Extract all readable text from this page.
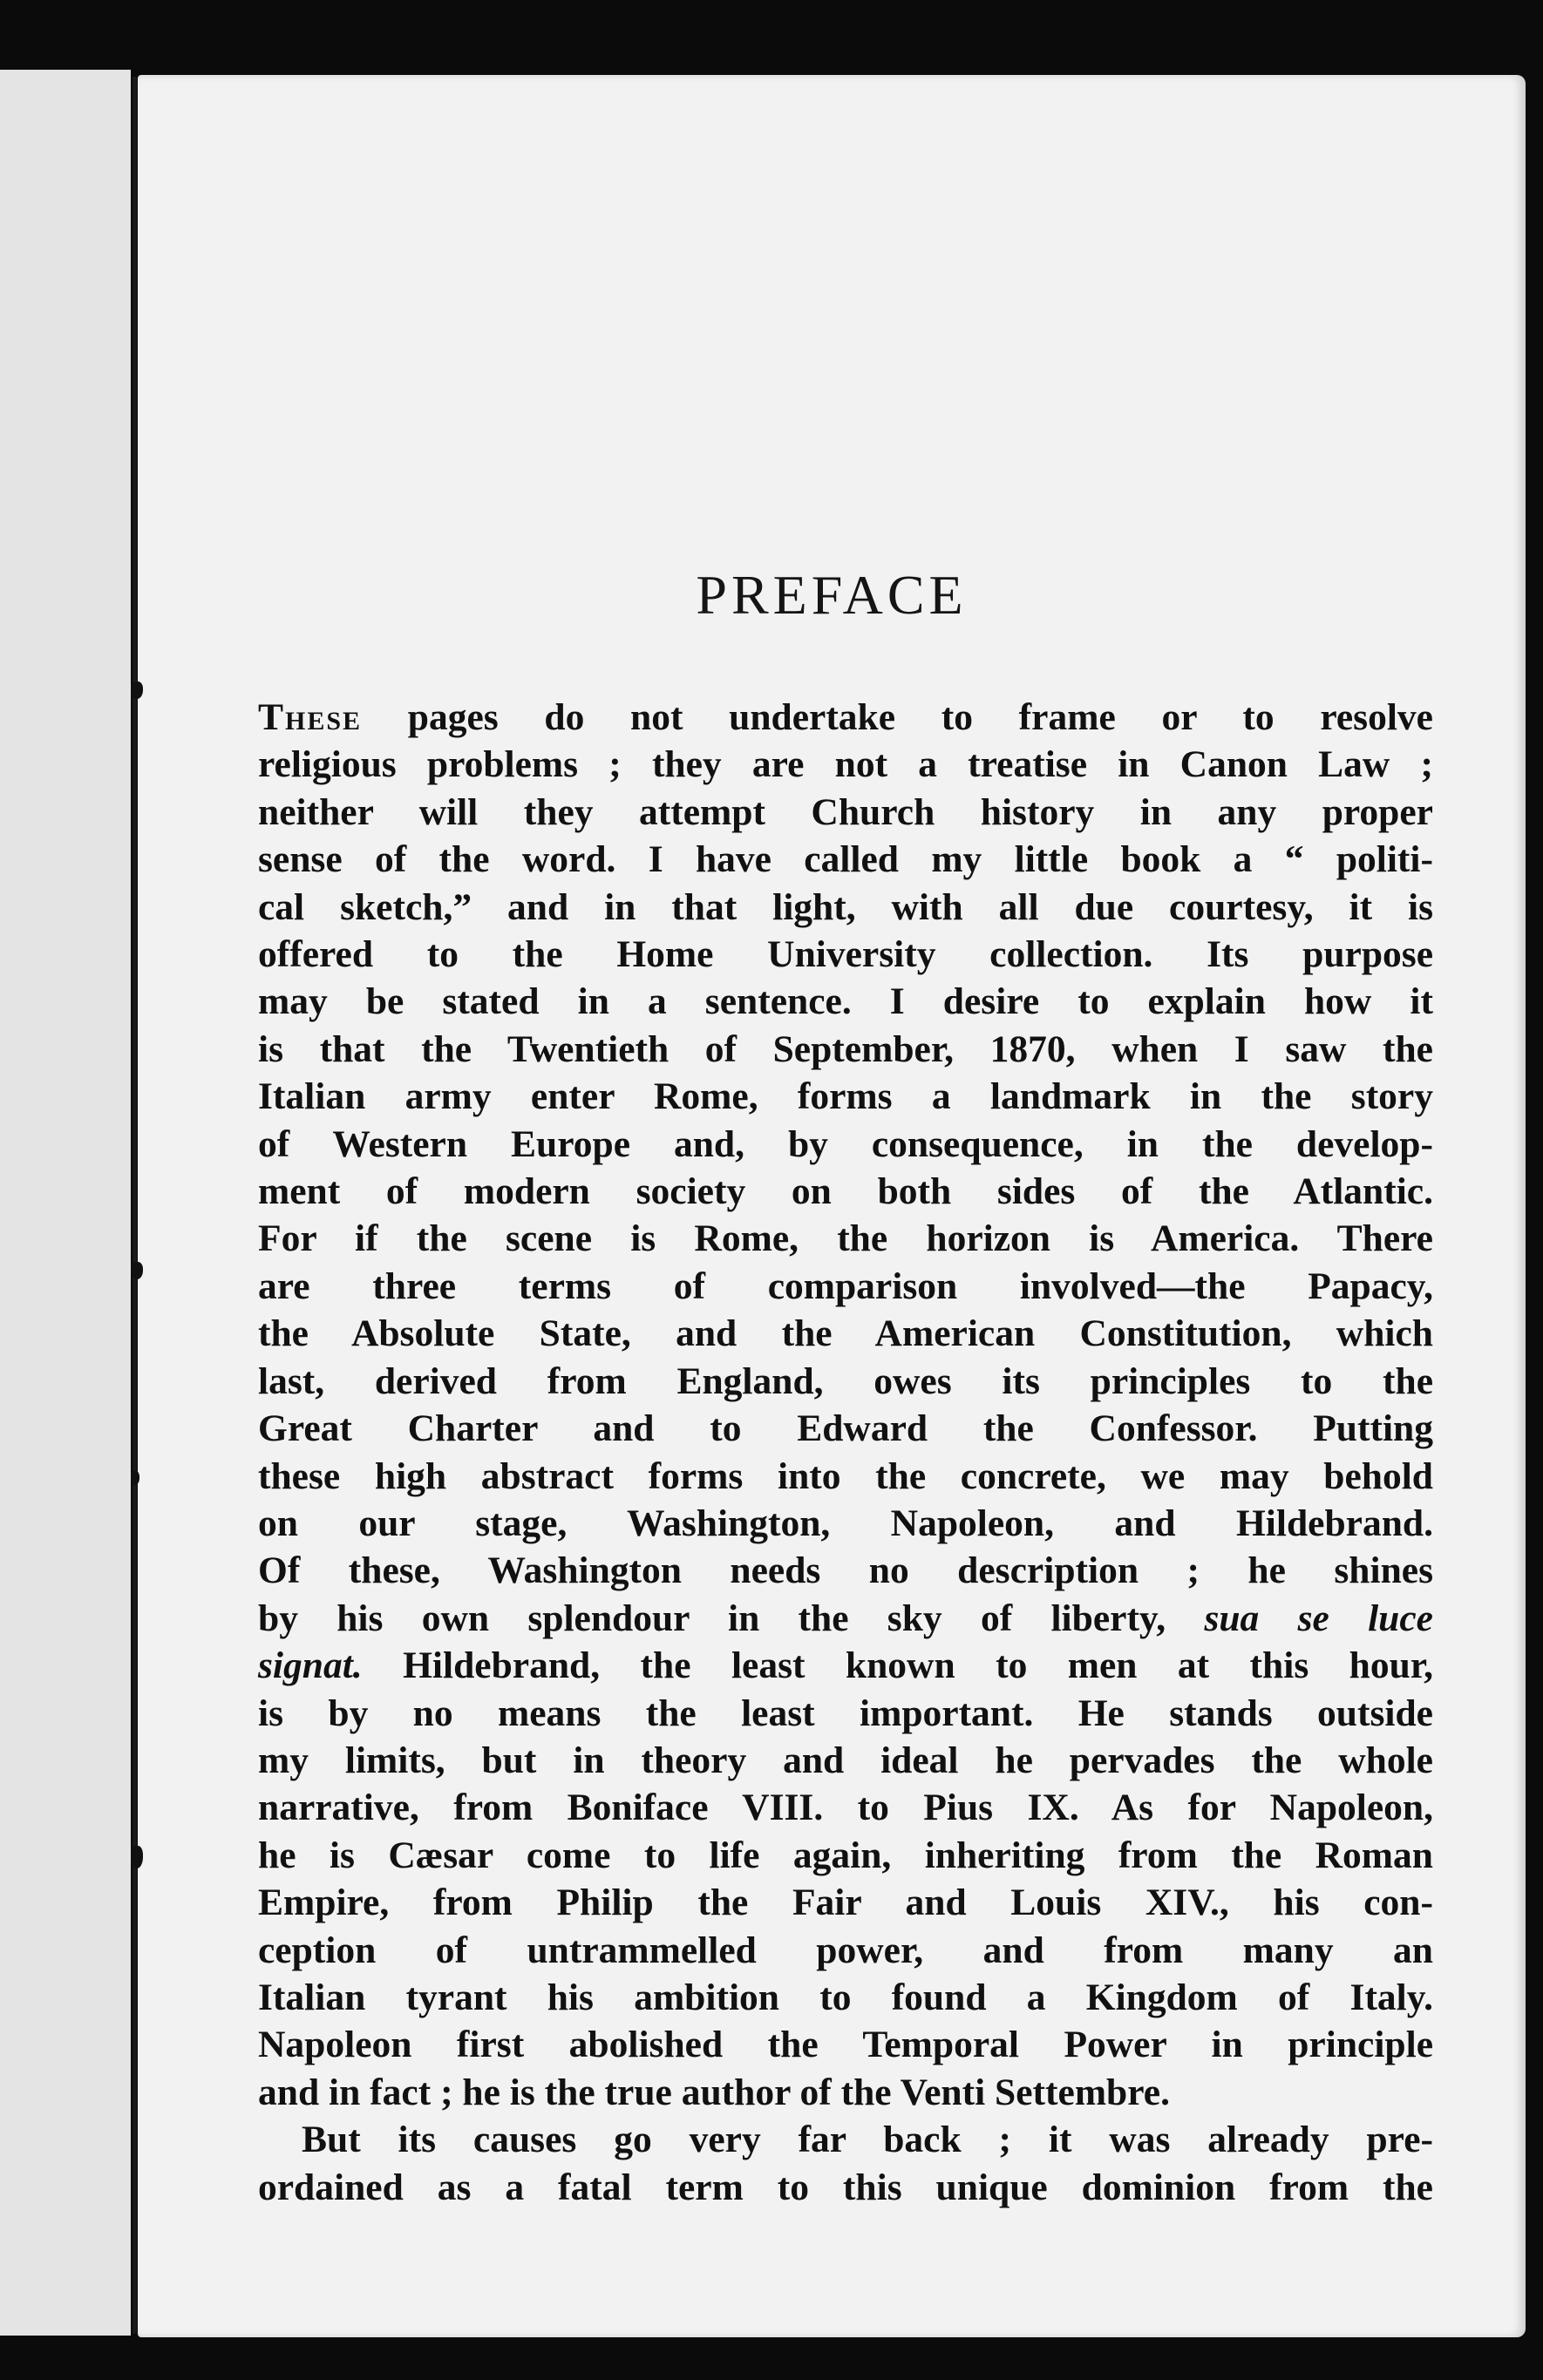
PREFACE
These pages do not undertake to frame or to resolve
religious problems ; they are not a treatise in Canon Law ;
neither will they attempt Church history in any proper
sense of the word. I have called my little book a “ politi-
cal sketch,” and in that light, with all due courtesy, it is
offered to the Home University collection. Its purpose
may be stated in a sentence. I desire to explain how it
is that the Twentieth of September, 1870, when I saw the
Italian army enter Rome, forms a landmark in the story
of Western Europe and, by consequence, in the develop-
ment of modern society on both sides of the Atlantic.
For if the scene is Rome, the horizon is America. There
are three terms of comparison involved—the Papacy,
the Absolute State, and the American Constitution, which
last, derived from England, owes its principles to the
Great Charter and to Edward the Confessor. Putting
these high abstract forms into the concrete, we may behold
on our stage, Washington, Napoleon, and Hildebrand.
Of these, Washington needs no description ; he shines
by his own splendour in the sky of liberty, sua se luce
signat. Hildebrand, the least known to men at this hour,
is by no means the least important. He stands outside
my limits, but in theory and ideal he pervades the whole
narrative, from Boniface VIII. to Pius IX. As for Napoleon,
he is Cæsar come to life again, inheriting from the Roman
Empire, from Philip the Fair and Louis XIV., his con-
ception of untrammelled power, and from many an
Italian tyrant his ambition to found a Kingdom of Italy.
Napoleon first abolished the Temporal Power in principle
and in fact ; he is the true author of the Venti Settembre.
But its causes go very far back ; it was already pre-
ordained as a fatal term to this unique dominion from the
